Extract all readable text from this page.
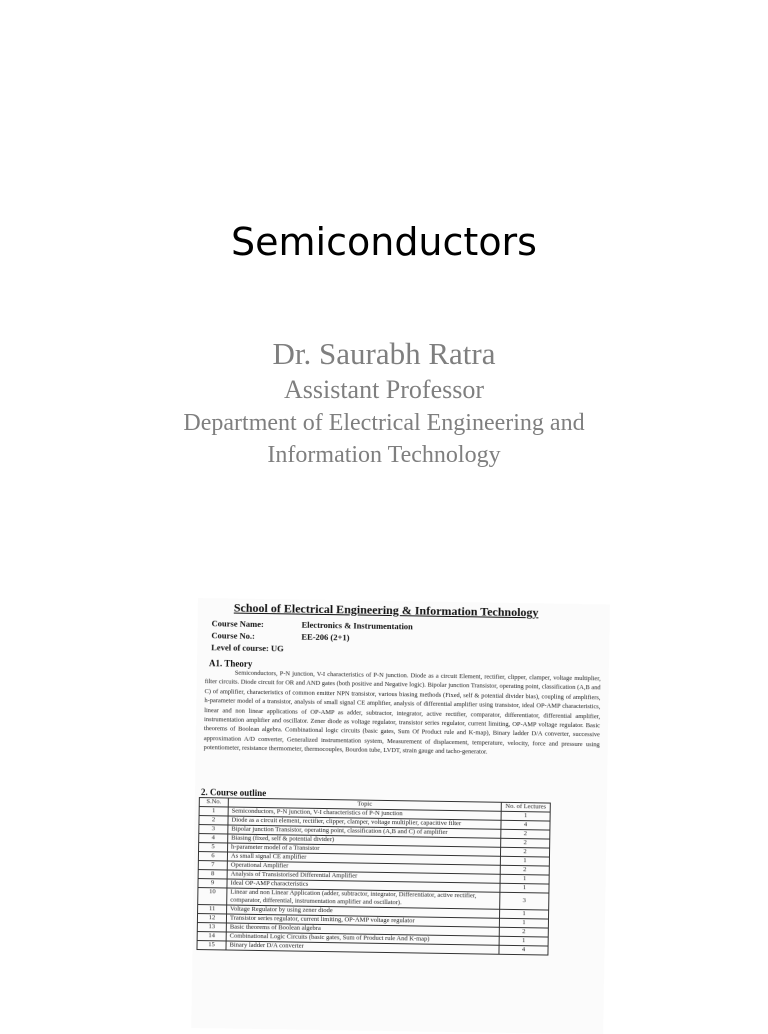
Semiconductors
Dr. Saurabh Ratra
Assistant Professor
Department of Electrical Engineering and Information Technology
School of Electrical Engineering & Information Technology
Course Name:	Electronics & Instrumentation
Course No.:	EE-206 (2+1)
Level of course: UG
A1. Theory
Semiconductors, P-N junction, V-I characteristics of P-N junction. Diode as a circuit Element, rectifier, clipper, clamper, voltage multiplier, filter circuits. Diode circuit for OR and AND gates (both positive and Negative logic). Bipolar junction Transistor, operating point, classification (A,B and C) of amplifier, characteristics of common emitter NPN transistor, various biasing methods (Fixed, self & potential divider bias), coupling of amplifiers, h-parameter model of a transistor, analysis of small signal CE amplifier, analysis of differential amplifier using transistor, ideal OP-AMP characteristics, linear and non linear applications of OP-AMP as adder, subtractor, integrator, active rectifier, comparator, differentiator, differential amplifier, instrumentation amplifier and oscillator. Zener diode as voltage regulator, transistor series regulator, current limiting, OP-AMP voltage regulator. Basic theorems of Boolean algebra. Combinational logic circuits (basic gates, Sum Of Product rule and K-map), Binary ladder D/A converter, successive approximation A/D converter, Generalized instrumentation system, Measurement of displacement, temperature, velocity, force and pressure using potentiometer, resistance thermometer, thermocouples, Bourdon tube, LVDT, strain gauge and tacho-generator.
2. Course outline
S.No.	Topic	No. of Lectures
1	Semiconductors, P-N junction, V-I characteristics of P-N junction	1
2	Diode as a circuit element, rectifier, clipper, clamper, voltage multiplier, capacitive filter	4
3	Bipolar junction Transistor, operating point, classification (A,B and C) of amplifier	2
4	Biasing (fixed, self & potential divider)	2
5	h-parameter model of a Transistor	2
6	As small signal CE amplifier	1
7	Operational Amplifier	2
8	Analysis of Transistorised Differential Amplifier	1
9	Ideal OP-AMP characteristics	1
10	Linear and non Linear Application (adder, subtractor, integrator, Differentiator, active rectifier, comparator, differential, instrumentation amplifier and oscillator).	3
11	Voltage Regulator by using zener diode	1
12	Transistor series regulator, current limiting, OP-AMP voltage regulator	1
13	Basic theorems of Boolean algebra	2
14	Combinational Logic Circuits (basic gates, Sum of Product rule And K-map)	1
15	Binary ladder D/A converter	4
